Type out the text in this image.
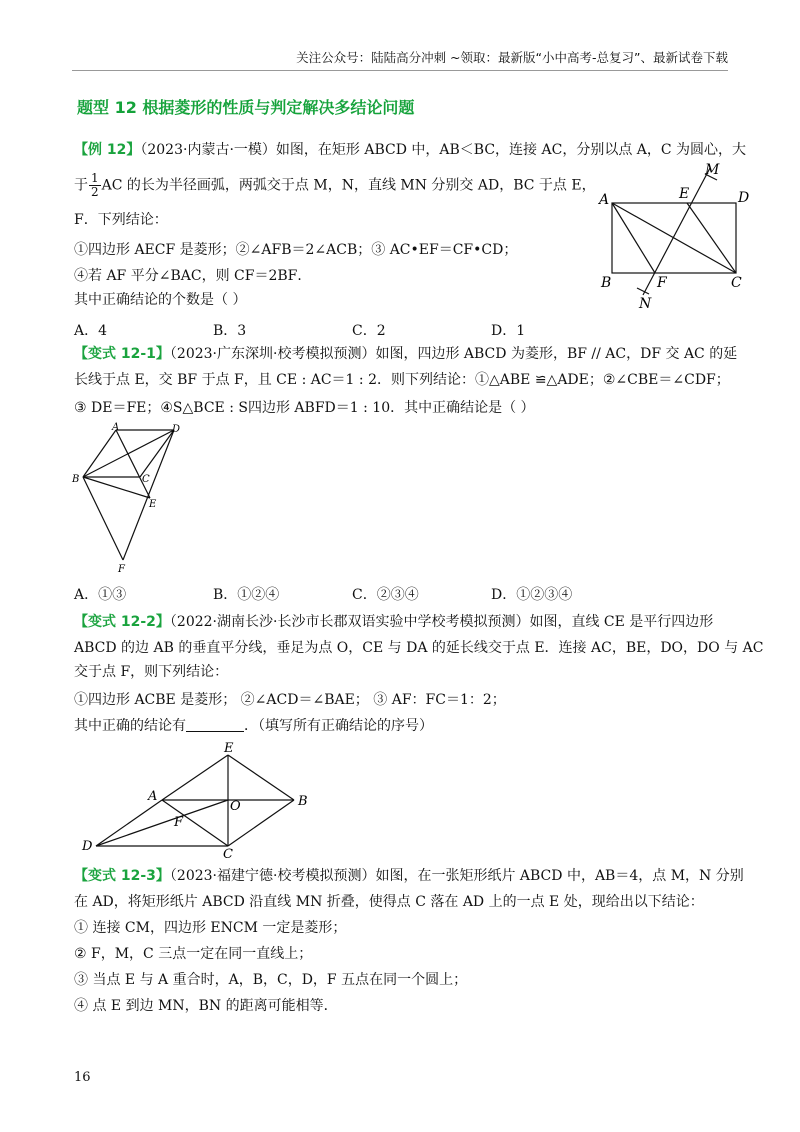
关注公众号：陆陆高分冲刺 ~领取：最新版“小中高考-总复习”、最新试卷下载
题型 12 根据菱形的性质与判定解决多结论问题
【例 12】（2023·内蒙古·一模）如图，在矩形 ABCD 中，AB＜BC，连接 AC，分别以点 A，C 为圆心，大
于 $\frac{1}{2}$ AC 的长为半径画弧，两弧交于点 M，N，直线 MN 分别交 AD，BC 于点 E，
F．下列结论：
①四边形 AECF 是菱形；②∠AFB＝2∠ACB；③ AC•EF＝CF•CD；
④若 AF 平分∠BAC，则 CF＝2BF．
其中正确结论的个数是（ ）
A．4	B．3	C．2	D．1
A	D
B	C
E
F
M
N
【变式 12-1】（2023·广东深圳·校考模拟预测）如图，四边形 ABCD 为菱形，BF // AC，DF 交 AC 的延
长线于点 E，交 BF 于点 F，且 CE : AC＝1 : 2．则下列结论：①△ABE ≌△ADE；②∠CBE＝∠CDF；
③ DE＝FE；④S△BCE : S四边形 ABFD＝1 : 10．其中正确结论是（ ）
A	D
B	C
E
F
A．①③	B．①②④	C．②③④	D．①②③④
【变式 12-2】（2022·湖南长沙·长沙市长郡双语实验中学校考模拟预测）如图，直线 CE 是平行四边形
ABCD 的边 AB 的垂直平分线，垂足为点 O，CE 与 DA 的延长线交于点 E．连接 AC，BE，DO，DO 与 AC
交于点 F，则下列结论：
①四边形 ACBE 是菱形； ②∠ACD＝∠BAE； ③ AF：FC＝1：2；
其中正确的结论有	．（填写所有正确结论的序号）
E
A
O	B
F
D
C
【变式 12-3】（2023·福建宁德·校考模拟预测）如图，在一张矩形纸片 ABCD 中，AB＝4，点 M，N 分别
在 AD，将矩形纸片 ABCD 沿直线 MN 折叠，使得点 C 落在 AD 上的一点 E 处，现给出以下结论：
① 连接 CM，四边形 ENCM 一定是菱形；
② F，M，C 三点一定在同一直线上；
③ 当点 E 与 A 重合时，A，B，C，D，F 五点在同一个圆上；
④ 点 E 到边 MN，BN 的距离可能相等．
16
